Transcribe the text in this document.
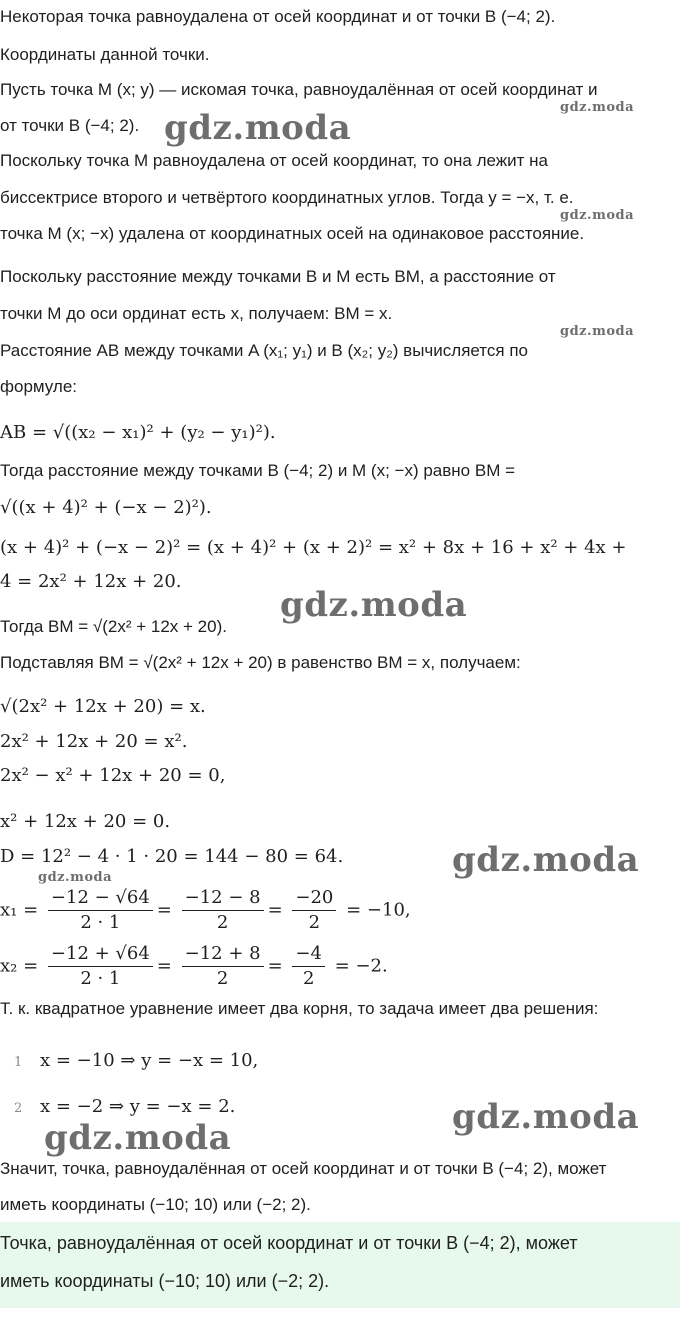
Некоторая точка равноудалена от осей координат и от точки B (−4; 2).
Координаты данной точки.
Пусть точка M (x; y) — искомая точка, равноудалённая от осей координат и
от точки B (−4; 2).
Поскольку точка M равноудалена от осей координат, то она лежит на
биссектрисе второго и четвёртого координатных углов. Тогда y = −x, т. е.
точка M (x; −x) удалена от координатных осей на одинаковое расстояние.
Поскольку расстояние между точками B и M есть BM, а расстояние от
точки M до оси ординат есть x, получаем: BM = x.
Расстояние AB между точками A (x₁; y₁) и B (x₂; y₂) вычисляется по
формуле:
AB = √((x₂ − x₁)² + (y₂ − y₁)²).
Тогда расстояние между точками B (−4; 2) и M (x; −x) равно BM =
√((x + 4)² + (−x − 2)²).
(x + 4)² + (−x − 2)² = (x + 4)² + (x + 2)² = x² + 8x + 16 + x² + 4x +
4 = 2x² + 12x + 20.
Тогда BM = √(2x² + 12x + 20).
Подставляя BM = √(2x² + 12x + 20) в равенство BM = x, получаем:
√(2x² + 12x + 20) = x.
2x² + 12x + 20 = x².
2x² − x² + 12x + 20 = 0,
x² + 12x + 20 = 0.
D = 12² − 4 · 1 · 20 = 144 − 80 = 64.
$x_1 = \frac{-12 - √64}{2 \cdot 1} = \frac{-12 - 8}{2} = \frac{-20}{2} = -10$,
$x_2 = \frac{-12 + √64}{2 \cdot 1} = \frac{-12 + 8}{2} = \frac{-4}{2} = -2$.
Т. к. квадратное уравнение имеет два корня, то задача имеет два решения:
1 x = −10 ⇒ y = −x = 10,
2 x = −2 ⇒ y = −x = 2.
Значит, точка, равноудалённая от осей координат и от точки B (−4; 2), может
иметь координаты (−10; 10) или (−2; 2).
Точка, равноудалённая от осей координат и от точки B (−4; 2), может
иметь координаты (−10; 10) или (−2; 2).
gdz.moda
gdz.moda
gdz.moda
gdz.moda
gdz.moda
gdz.moda
gdz.moda
gdz.moda
gdz.moda
